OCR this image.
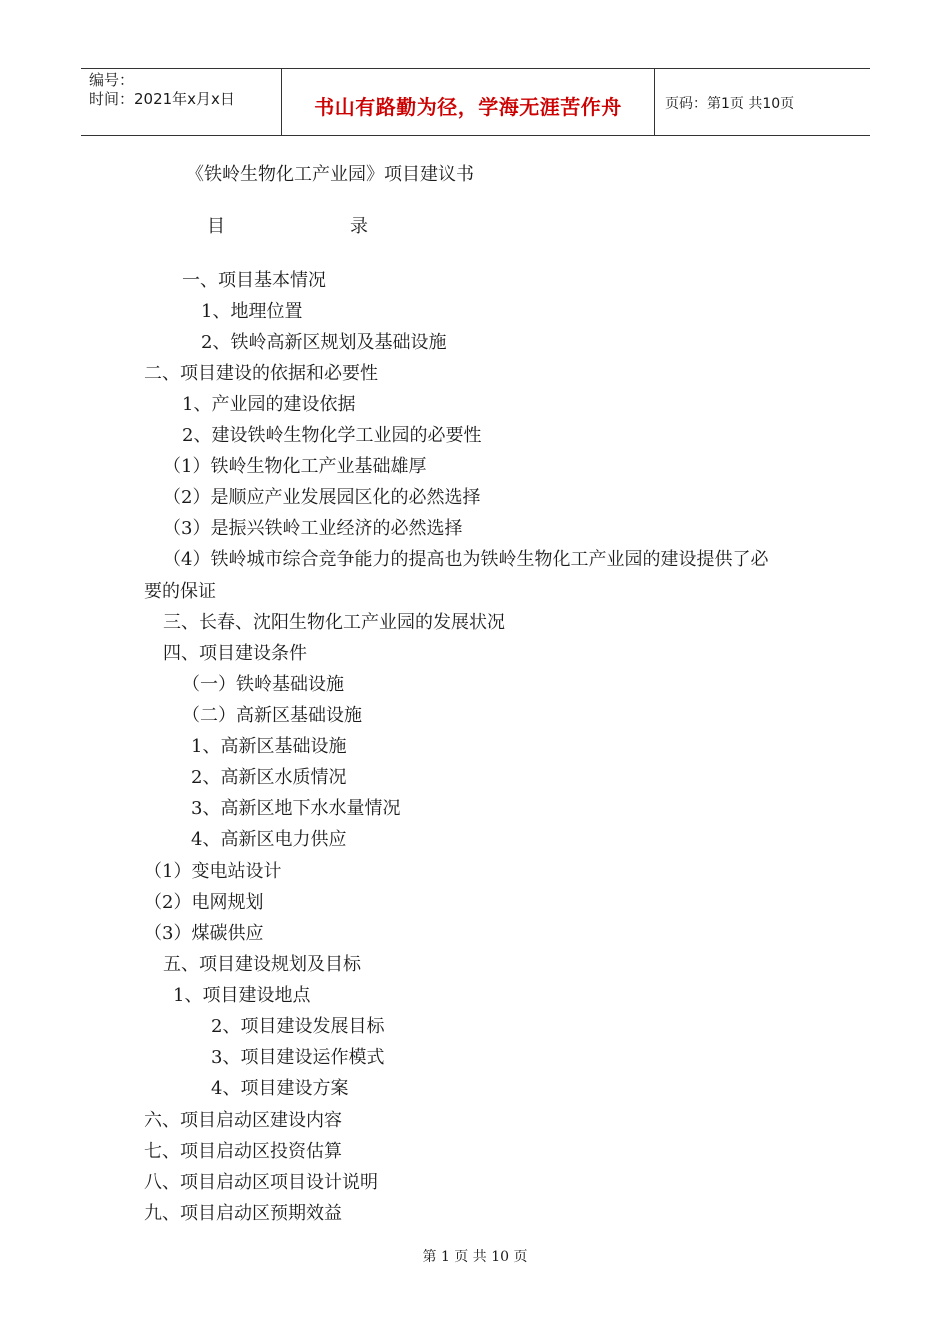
编号：
时间：2021年x月x日	书山有路勤为径，学海无涯苦作舟	页码：第1页 共10页
《铁岭生物化工产业园》项目建议书
目	录
一、项目基本情况
1、地理位置
2、铁岭高新区规划及基础设施
二、项目建设的依据和必要性
1、产业园的建设依据
2、建设铁岭生物化学工业园的必要性
（1）铁岭生物化工产业基础雄厚
（2）是顺应产业发展园区化的必然选择
（3）是振兴铁岭工业经济的必然选择
（4）铁岭城市综合竞争能力的提高也为铁岭生物化工产业园的建设提供了必
要的保证
三、长春、沈阳生物化工产业园的发展状况
四、项目建设条件
（一）铁岭基础设施
（二）高新区基础设施
1、高新区基础设施
2、高新区水质情况
3、高新区地下水水量情况
4、高新区电力供应
（1）变电站设计
（2）电网规划
（3）煤碳供应
五、项目建设规划及目标
1、项目建设地点
2、项目建设发展目标
3、项目建设运作模式
4、项目建设方案
六、项目启动区建设内容
七、项目启动区投资估算
八、项目启动区项目设计说明
九、项目启动区预期效益
第 1 页 共 10 页
